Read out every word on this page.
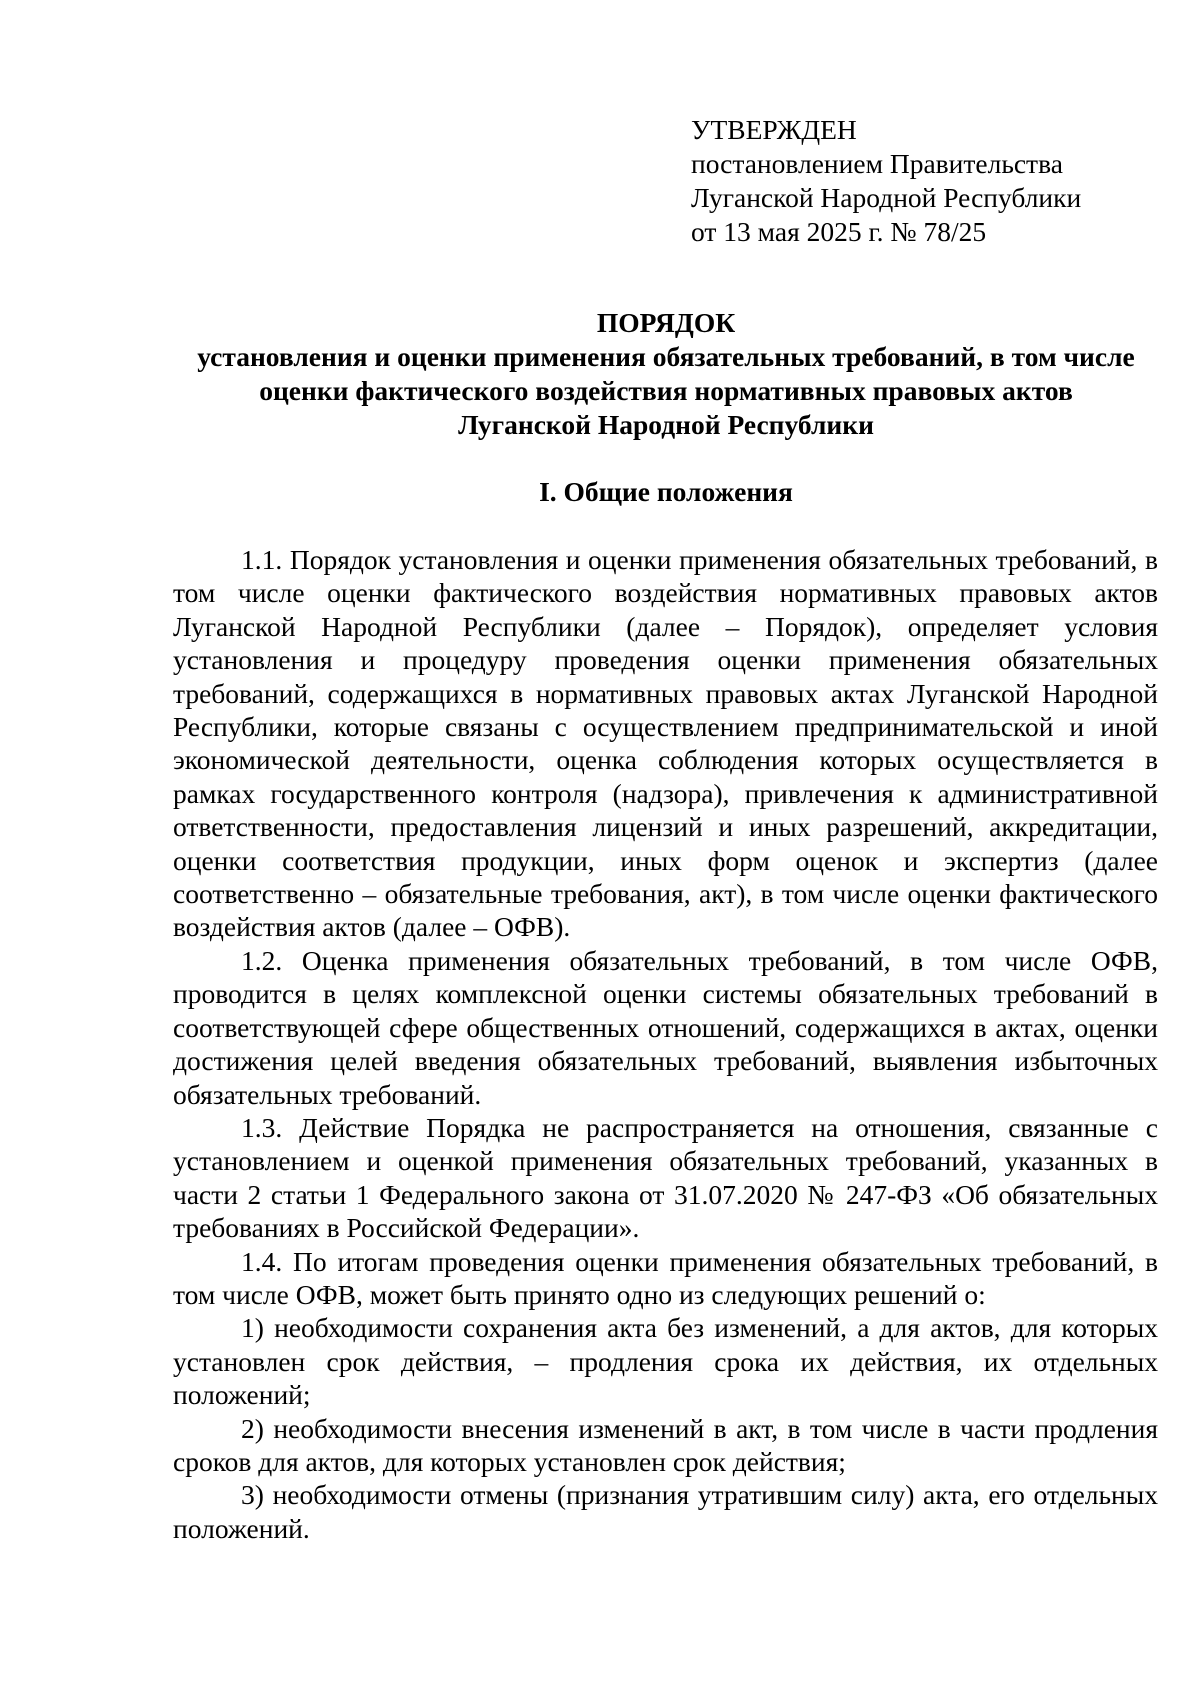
УТВЕРЖДЕН
постановлением Правительства
Луганской Народной Республики
от 13 мая 2025 г. № 78/25
ПОРЯДОК
установления и оценки применения обязательных требований, в том числе
оценки фактического воздействия нормативных правовых актов
Луганской Народной Республики
I. Общие положения

1.1. Порядок установления и оценки применения обязательных требований, в том числе оценки фактического воздействия нормативных правовых актов Луганской Народной Республики (далее – Порядок), определяет условия установления и процедуру проведения оценки применения обязательных требований, содержащихся в нормативных правовых актах Луганской Народной Республики, которые связаны с осуществлением предпринимательской и иной экономической деятельности, оценка соблюдения которых осуществляется в рамках государственного контроля (надзора), привлечения к административной ответственности, предоставления лицензий и иных разрешений, аккредитации, оценки соответствия продукции, иных форм оценок и экспертиз (далее соответственно – обязательные требования, акт), в том числе оценки фактического воздействия актов (далее – ОФВ).

1.2. Оценка применения обязательных требований, в том числе ОФВ, проводится в целях комплексной оценки системы обязательных требований в соответствующей сфере общественных отношений, содержащихся в актах, оценки достижения целей введения обязательных требований, выявления избыточных обязательных требований.

1.3. Действие Порядка не распространяется на отношения, связанные с установлением и оценкой применения обязательных требований, указанных в части 2 статьи 1 Федерального закона от 31.07.2020 № 247-ФЗ «Об обязательных требованиях в Российской Федерации».

1.4. По итогам проведения оценки применения обязательных требований, в том числе ОФВ, может быть принято одно из следующих решений о:

1) необходимости сохранения акта без изменений, а для актов, для которых установлен срок действия, – продления срока их действия, их отдельных положений;

2) необходимости внесения изменений в акт, в том числе в части продления сроков для актов, для которых установлен срок действия;

3) необходимости отмены (признания утратившим силу) акта, его отдельных положений.
